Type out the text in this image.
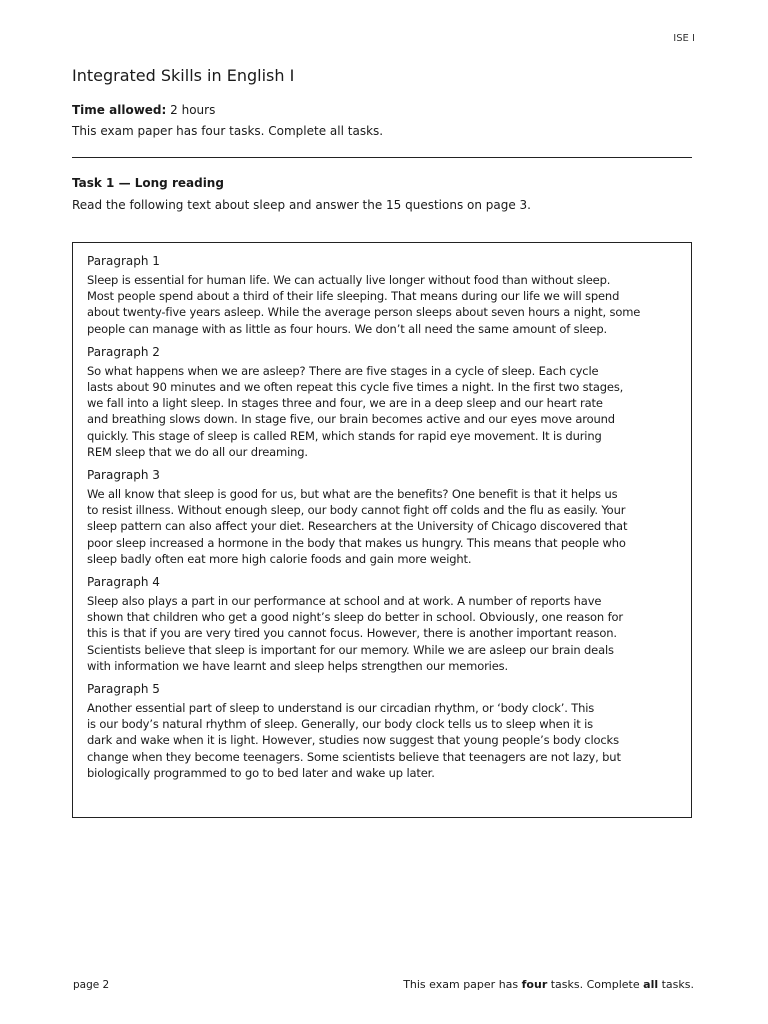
ISE I
Integrated Skills in English I
Time allowed: 2 hours
This exam paper has four tasks. Complete all tasks.
Task 1 — Long reading
Read the following text about sleep and answer the 15 questions on page 3.
Paragraph 1
Sleep is essential for human life. We can actually live longer without food than without sleep.
Most people spend about a third of their life sleeping. That means during our life we will spend
about twenty-five years asleep. While the average person sleeps about seven hours a night, some
people can manage with as little as four hours. We don’t all need the same amount of sleep.
Paragraph 2
So what happens when we are asleep? There are five stages in a cycle of sleep. Each cycle
lasts about 90 minutes and we often repeat this cycle five times a night. In the first two stages,
we fall into a light sleep. In stages three and four, we are in a deep sleep and our heart rate
and breathing slows down. In stage five, our brain becomes active and our eyes move around
quickly. This stage of sleep is called REM, which stands for rapid eye movement. It is during
REM sleep that we do all our dreaming.
Paragraph 3
We all know that sleep is good for us, but what are the benefits? One benefit is that it helps us
to resist illness. Without enough sleep, our body cannot fight off colds and the flu as easily. Your
sleep pattern can also affect your diet. Researchers at the University of Chicago discovered that
poor sleep increased a hormone in the body that makes us hungry. This means that people who
sleep badly often eat more high calorie foods and gain more weight.
Paragraph 4
Sleep also plays a part in our performance at school and at work. A number of reports have
shown that children who get a good night’s sleep do better in school. Obviously, one reason for
this is that if you are very tired you cannot focus. However, there is another important reason.
Scientists believe that sleep is important for our memory. While we are asleep our brain deals
with information we have learnt and sleep helps strengthen our memories.
Paragraph 5
Another essential part of sleep to understand is our circadian rhythm, or ‘body clock’. This
is our body’s natural rhythm of sleep. Generally, our body clock tells us to sleep when it is
dark and wake when it is light. However, studies now suggest that young people’s body clocks
change when they become teenagers. Some scientists believe that teenagers are not lazy, but
biologically programmed to go to bed later and wake up later.
page 2	This exam paper has four tasks. Complete all tasks.
